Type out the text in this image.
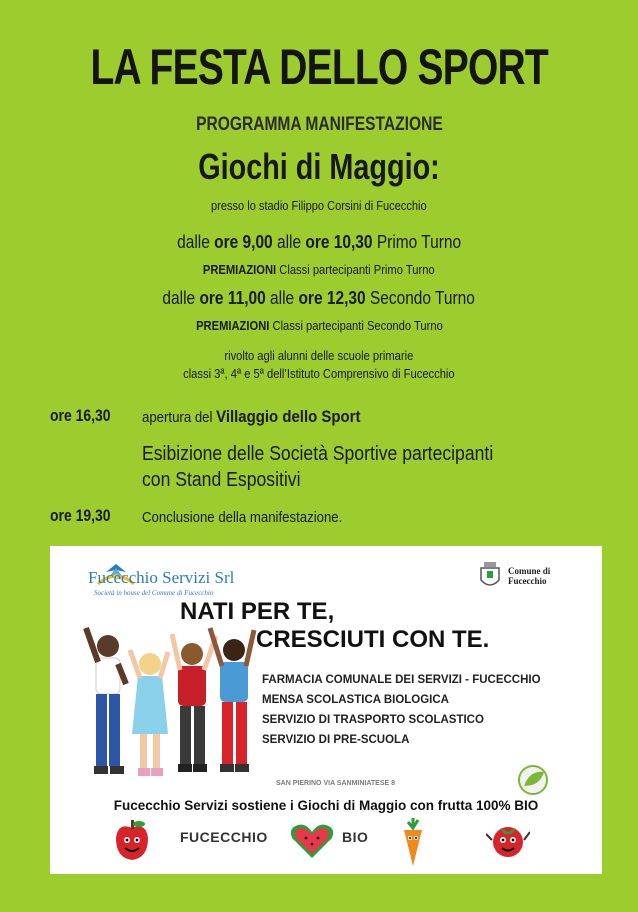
LA FESTA DELLO SPORT
PROGRAMMA MANIFESTAZIONE
Giochi di Maggio:
presso lo stadio Filippo Corsini di Fucecchio
dalle ore 9,00 alle ore 10,30 Primo Turno
PREMIAZIONI Classi partecipanti Primo Turno
dalle ore 11,00 alle ore 12,30 Secondo Turno
PREMIAZIONI Classi partecipanti Secondo Turno
rivolto agli alunni delle scuole primarie
classi 3ª, 4ª e 5ª dell’Istituto Comprensivo di Fucecchio
ore 16,30 apertura del Villaggio dello Sport
Esibizione delle Società Sportive partecipanti
con Stand Espositivi
ore 19,30 Conclusione della manifestazione.
Fucecchio Servizi Srl
Società in house del Comune di Fucecchio
Comune di
Fucecchio
NATI PER TE,
CRESCIUTI CON TE.
FARMACIA COMUNALE DEI SERVIZI - FUCECCHIO
MENSA SCOLASTICA BIOLOGICA
SERVIZIO DI TRASPORTO SCOLASTICO
SERVIZIO DI PRE-SCUOLA
SAN PIERINO VIA SANMINIATESE 8
Fucecchio Servizi sostiene i Giochi di Maggio con frutta 100% BIO
FUCECCHIO	BIO
